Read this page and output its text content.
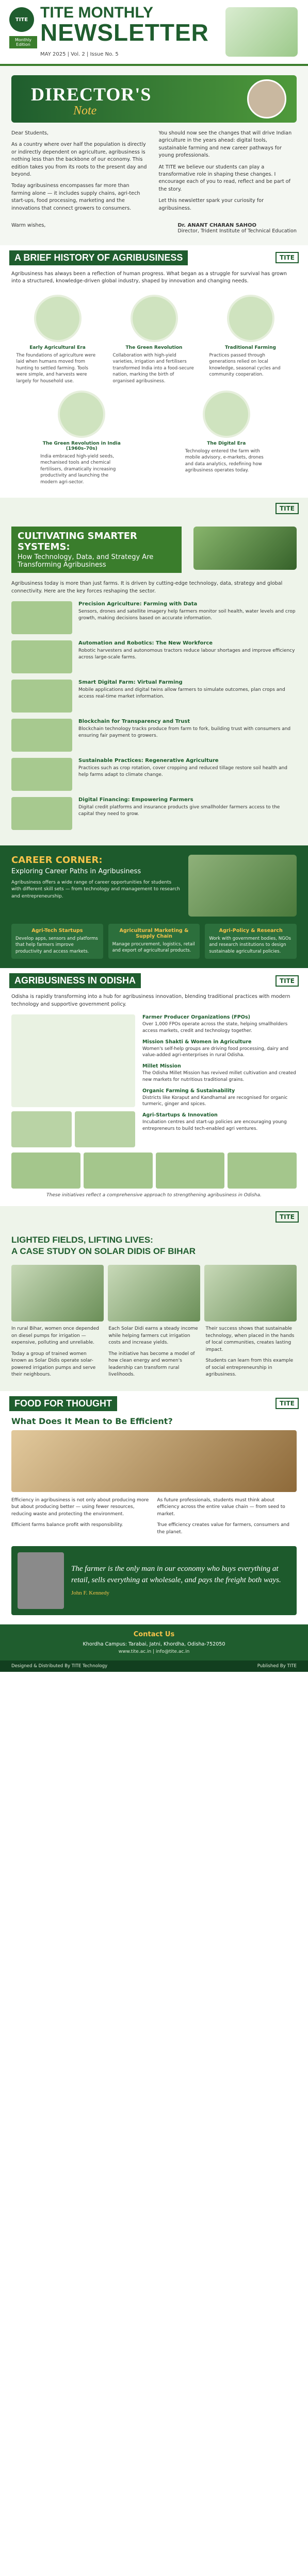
TITE
Monthly Edition
TITE MONTHLY
NEWSLETTER
MAY 2025 | Vol. 2 | Issue No. 5
DIRECTOR'S
Note

Dear Students,

As a country where over half the population is directly or indirectly dependent on agriculture, agribusiness is nothing less than the backbone of our economy. This edition takes you from its roots to the present day and beyond.

Today agribusiness encompasses far more than farming alone — it includes supply chains, agri-tech start-ups, food processing, marketing and the innovations that connect growers to consumers.

You should now see the changes that will drive Indian agriculture in the years ahead: digital tools, sustainable farming and new career pathways for young professionals.

At TITE we believe our students can play a transformative role in shaping these changes. I encourage each of you to read, reflect and be part of the story.

Let this newsletter spark your curiosity for agribusiness.

Warm wishes,	Dr. ANANT CHARAN SAHOO
Director, Trident Institute of Technical Education
A BRIEF HISTORY OF AGRIBUSINESS	TITE

Agribusiness has always been a reflection of human progress. What began as a struggle for survival has grown into a structured, knowledge-driven global industry, shaped by innovation and changing needs.

Early Agricultural Era

The foundations of agriculture were laid when humans moved from hunting to settled farming. Tools were simple, and harvests were largely for household use.

The Green Revolution

Collaboration with high-yield varieties, irrigation and fertilisers transformed India into a food-secure nation, marking the birth of organised agribusiness.

Traditional Farming

Practices passed through generations relied on local knowledge, seasonal cycles and community cooperation.

The Green Revolution in India (1960s–70s)

India embraced high-yield seeds, mechanised tools and chemical fertilisers, dramatically increasing productivity and launching the modern agri-sector.

The Digital Era

Technology entered the farm with mobile advisory, e-markets, drones and data analytics, redefining how agribusiness operates today.

TITE
CULTIVATING SMARTER SYSTEMS:
How Technology, Data, and Strategy Are Transforming Agribusiness

Agribusiness today is more than just farms. It is driven by cutting-edge technology, data, strategy and global connectivity. Here are the key forces reshaping the sector.

Precision Agriculture: Farming with Data

Sensors, drones and satellite imagery help farmers monitor soil health, water levels and crop growth, making decisions based on accurate information.

Automation and Robotics: The New Workforce

Robotic harvesters and autonomous tractors reduce labour shortages and improve efficiency across large-scale farms.

Smart Digital Farm: Virtual Farming

Mobile applications and digital twins allow farmers to simulate outcomes, plan crops and access real-time market information.

Blockchain for Transparency and Trust

Blockchain technology tracks produce from farm to fork, building trust with consumers and ensuring fair payment to growers.

Sustainable Practices: Regenerative Agriculture

Practices such as crop rotation, cover cropping and reduced tillage restore soil health and help farms adapt to climate change.

Digital Financing: Empowering Farmers

Digital credit platforms and insurance products give smallholder farmers access to the capital they need to grow.

CAREER CORNER:
Exploring Career Paths in Agribusiness

Agribusiness offers a wide range of career opportunities for students with different skill sets — from technology and management to research and entrepreneurship.

Agri-Tech Startups

Develop apps, sensors and platforms that help farmers improve productivity and access markets.

Agricultural Marketing & Supply Chain

Manage procurement, logistics, retail and export of agricultural products.

Agri-Policy & Research

Work with government bodies, NGOs and research institutions to design sustainable agricultural policies.

AGRIBUSINESS IN ODISHA	TITE

Odisha is rapidly transforming into a hub for agribusiness innovation, blending traditional practices with modern technology and supportive government policy.

Farmer Producer Organizations (FPOs)

Over 1,000 FPOs operate across the state, helping smallholders access markets, credit and technology together.

Mission Shakti & Women in Agriculture

Women's self-help groups are driving food processing, dairy and value-added agri-enterprises in rural Odisha.

Millet Mission

The Odisha Millet Mission has revived millet cultivation and created new markets for nutritious traditional grains.

Organic Farming & Sustainability

Districts like Koraput and Kandhamal are recognised for organic turmeric, ginger and spices.

Agri-Startups & Innovation

Incubation centres and start-up policies are encouraging young entrepreneurs to build tech-enabled agri ventures.

These initiatives reflect a comprehensive approach to strengthening agribusiness in Odisha.

TITE
LIGHTED FIELDS, LIFTING LIVES:
A CASE STUDY ON SOLAR DIDIS OF BIHAR

In rural Bihar, women once depended on diesel pumps for irrigation — expensive, polluting and unreliable.

Today a group of trained women known as Solar Didis operate solar-powered irrigation pumps and serve their neighbours.

Each Solar Didi earns a steady income while helping farmers cut irrigation costs and increase yields.

The initiative has become a model of how clean energy and women's leadership can transform rural livelihoods.

Their success shows that sustainable technology, when placed in the hands of local communities, creates lasting impact.

Students can learn from this example of social entrepreneurship in agribusiness.

FOOD FOR THOUGHT	TITE
What Does It Mean to Be Efficient?

Efficiency in agribusiness is not only about producing more but about producing better — using fewer resources, reducing waste and protecting the environment.

Efficient farms balance profit with responsibility.

As future professionals, students must think about efficiency across the entire value chain — from seed to market.

True efficiency creates value for farmers, consumers and the planet.

The farmer is the only man in our economy who buys everything at retail, sells everything at wholesale, and pays the freight both ways.
John F. Kennedy
Contact Us
Khordha Campus: Tarabai, Jatni, Khordha, Odisha-752050
www.tite.ac.in | info@tite.ac.in
Designed & Distributed By TITE Technology	Published By TITE
